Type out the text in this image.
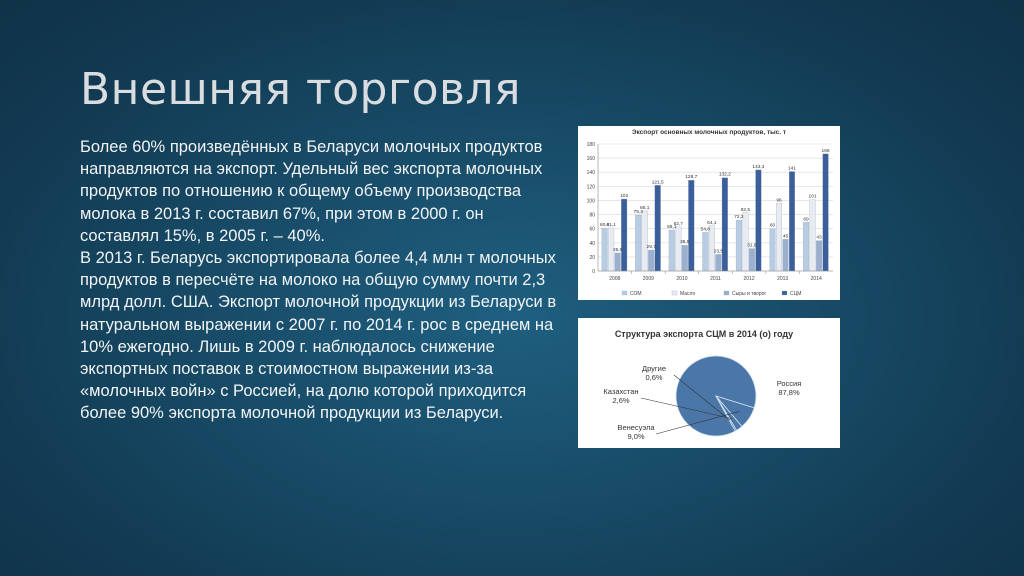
Внешняя торговля

Более 60% произведённых в Беларуси молочных продуктов направляются на экспорт. Удельный вес экспорта молочных продуктов по отношению к общему объему производства молока в 2013 г. составил 67%, при этом в 2000 г. он составлял 15%, в 2005 г. – 40%.

В 2013 г. Беларусь экспортировала более 4,4 млн т молочных продуктов в пересчёте на молоко на общую сумму почти 2,3 млрд долл. США. Экспорт молочной продукции из Беларуси в натуральном выражении с 2007 г. по 2014 г. рос в среднем на 10% ежегодно. Лишь в 2009 г. наблюдалось снижение экспортных поставок в стоимостном выражении из-за «молочных войн» с Россией, на долю которой приходится более 90% экспорта молочной продукции из Беларуси.

Экспорт основных молочных продуктов, тыс. т
60,8
61,1
25,6
102
79,3
85,1
29,7
121,5
58,1
62,7
36,5
128,7
54,8
64,1
23,5
132,2
72,2
82,5
31,8
143,3
60
96
45
141
69
101
43
166
0
20
40
60
80
100
120
140
160
180
2008	2009	2010	2011	2012	2013	2014
СОМ	Масло	Сыры и творог	СЦМ
Структура экспорта СЦМ в 2014 (о) году
Россия
87,8%
Венесуэла
9,0%
Казахстан
2,6%
Другие
0,6%
